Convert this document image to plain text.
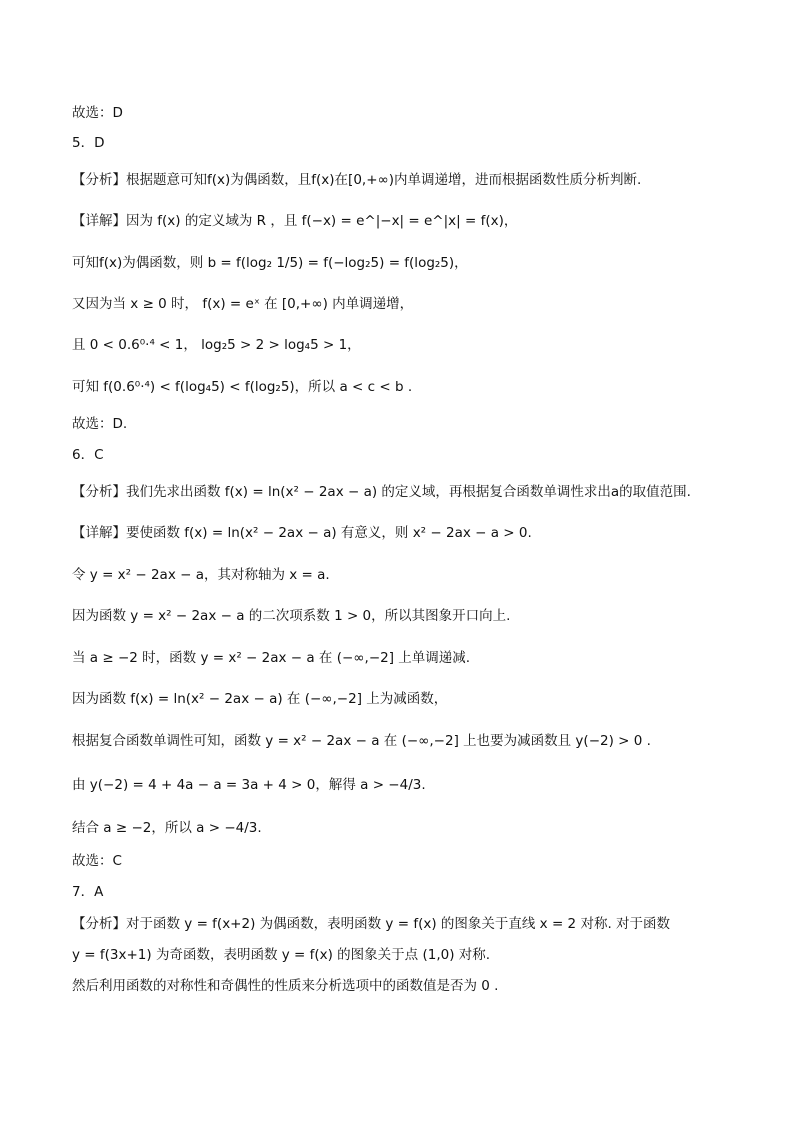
故选：D
5．D
【分析】根据题意可知f(x)为偶函数，且f(x)在[0,+∞)内单调递增，进而根据函数性质分析判断.
【详解】因为 f(x) 的定义域为 R ，且 f(−x) = e^|−x| = e^|x| = f(x)，
可知f(x)为偶函数，则 b = f(log₂ 1/5) = f(−log₂5) = f(log₂5)，
又因为当 x ≥ 0 时， f(x) = eˣ 在 [0,+∞) 内单调递增，
且 0 < 0.6⁰·⁴ < 1， log₂5 > 2 > log₄5 > 1，
可知 f(0.6⁰·⁴) < f(log₄5) < f(log₂5)，所以 a < c < b .
故选：D.
6．C
【分析】我们先求出函数 f(x) = ln(x² − 2ax − a) 的定义域，再根据复合函数单调性求出a的取值范围.
【详解】要使函数 f(x) = ln(x² − 2ax − a) 有意义，则 x² − 2ax − a > 0.
令 y = x² − 2ax − a，其对称轴为 x = a.
因为函数 y = x² − 2ax − a 的二次项系数 1 > 0，所以其图象开口向上.
当 a ≥ −2 时，函数 y = x² − 2ax − a 在 (−∞,−2] 上单调递减.
因为函数 f(x) = ln(x² − 2ax − a) 在 (−∞,−2] 上为减函数，
根据复合函数单调性可知，函数 y = x² − 2ax − a 在 (−∞,−2] 上也要为减函数且 y(−2) > 0 .
由 y(−2) = 4 + 4a − a = 3a + 4 > 0，解得 a > −4/3.
结合 a ≥ −2，所以 a > −4/3.
故选：C
7．A
【分析】对于函数 y = f(x+2) 为偶函数，表明函数 y = f(x) 的图象关于直线 x = 2 对称. 对于函数
y = f(3x+1) 为奇函数，表明函数 y = f(x) 的图象关于点 (1,0) 对称.
然后利用函数的对称性和奇偶性的性质来分析选项中的函数值是否为 0 .
